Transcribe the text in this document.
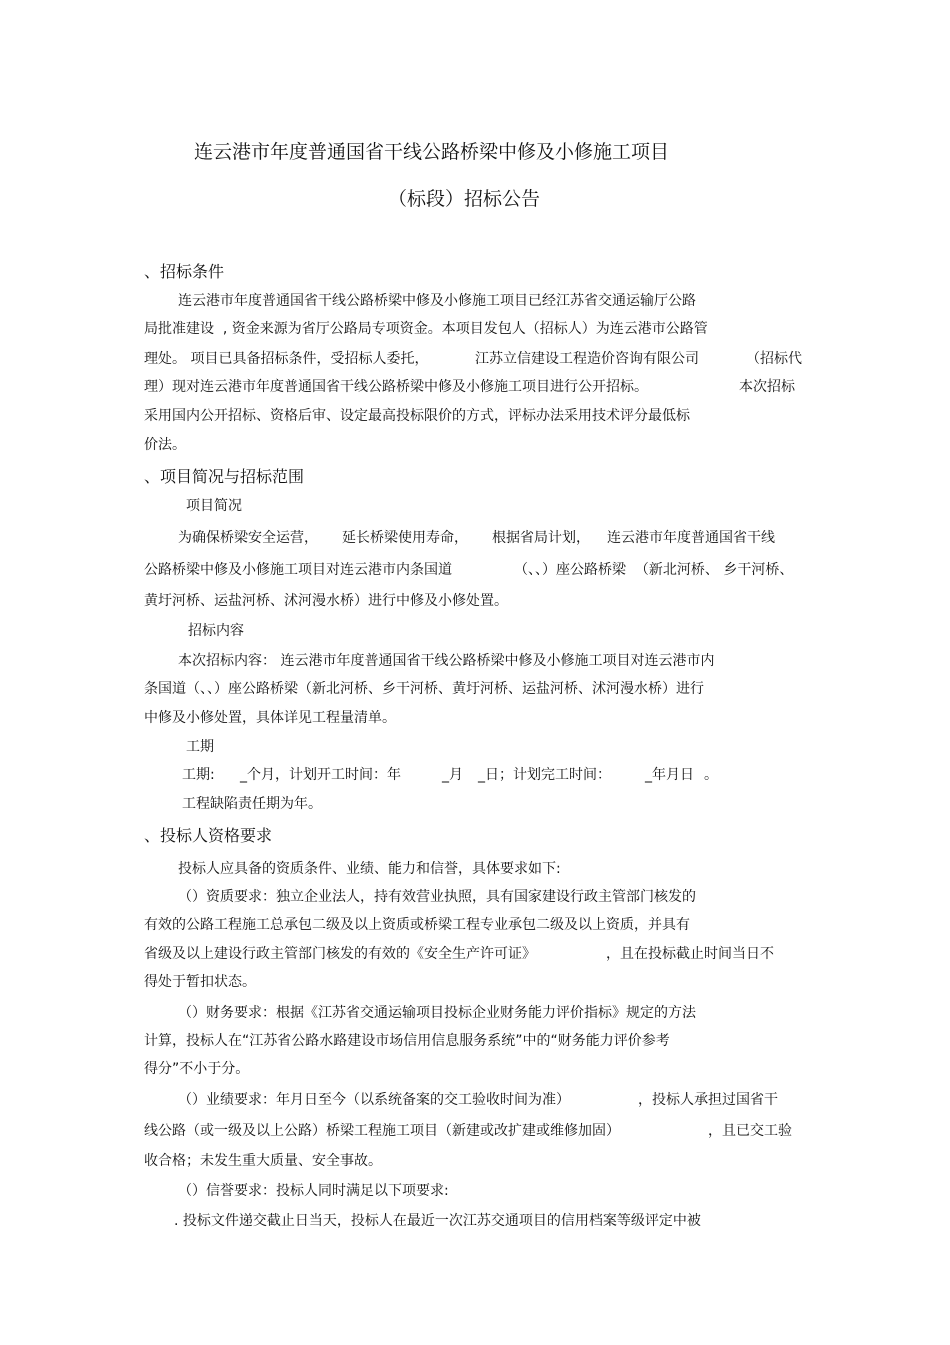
连云港市年度普通国省干线公路桥梁中修及小修施工项目
（标段）招标公告
、招标条件
连云港市年度普通国省干线公路桥梁中修及小修施工项目已经江苏省交通运输厅公路
局批准建设  , 资金来源为省厅公路局专项资金。本项目发包人（招标人）为连云港市公路管
理处。 项目已具备招标条件，受招标人委托，	江苏立信建设工程造价咨询有限公司	（招标代
理）现对连云港市年度普通国省干线公路桥梁中修及小修施工项目进行公开招标。	本次招标
采用国内公开招标、资格后审、设定最高投标限价的方式，评标办法采用技术评分最低标
价法。
、项目简况与招标范围
项目简况
为确保桥梁安全运营， 延长桥梁使用寿命， 根据省局计划， 连云港市年度普通国省干线
公路桥梁中修及小修施工项目对连云港市内条国道	（、、）座公路桥梁  （新北河桥、 乡干河桥、
黄圩河桥、运盐河桥、沭河漫水桥）进行中修及小修处置。
招标内容
本次招标内容： 连云港市年度普通国省干线公路桥梁中修及小修施工项目对连云港市内
条国道（、、）座公路桥梁（新北河桥、乡干河桥、黄圩河桥、运盐河桥、沭河漫水桥）进行
中修及小修处置，具体详见工程量清单。
工期
工期: _个月，计划开工时间：年	_月 _日；计划完工时间： _年月日 。
工程缺陷责任期为年。
、投标人资格要求
投标人应具备的资质条件、业绩、能力和信誉，具体要求如下:
（）资质要求：独立企业法人，持有效营业执照，具有国家建设行政主管部门核发的
有效的公路工程施工总承包二级及以上资质或桥梁工程专业承包二级及以上资质，并具有
省级及以上建设行政主管部门核发的有效的《安全生产许可证》	，且在投标截止时间当日不
得处于暂扣状态。
（）财务要求：根据《江苏省交通运输项目投标企业财务能力评价指标》规定的方法
计算，投标人在“江苏省公路水路建设市场信用信息服务系统”中的“财务能力评价参考
得分”不小于分。
（）业绩要求：年月日至今（以系统备案的交工验收时间为准）	，投标人承担过国省干
线公路（或一级及以上公路）桥梁工程施工项目（新建或改扩建或维修加固）	，且已交工验
收合格；未发生重大质量、安全事故。
（）信誉要求：投标人同时满足以下项要求:
. 投标文件递交截止日当天，投标人在最近一次江苏交通项目的信用档案等级评定中被
